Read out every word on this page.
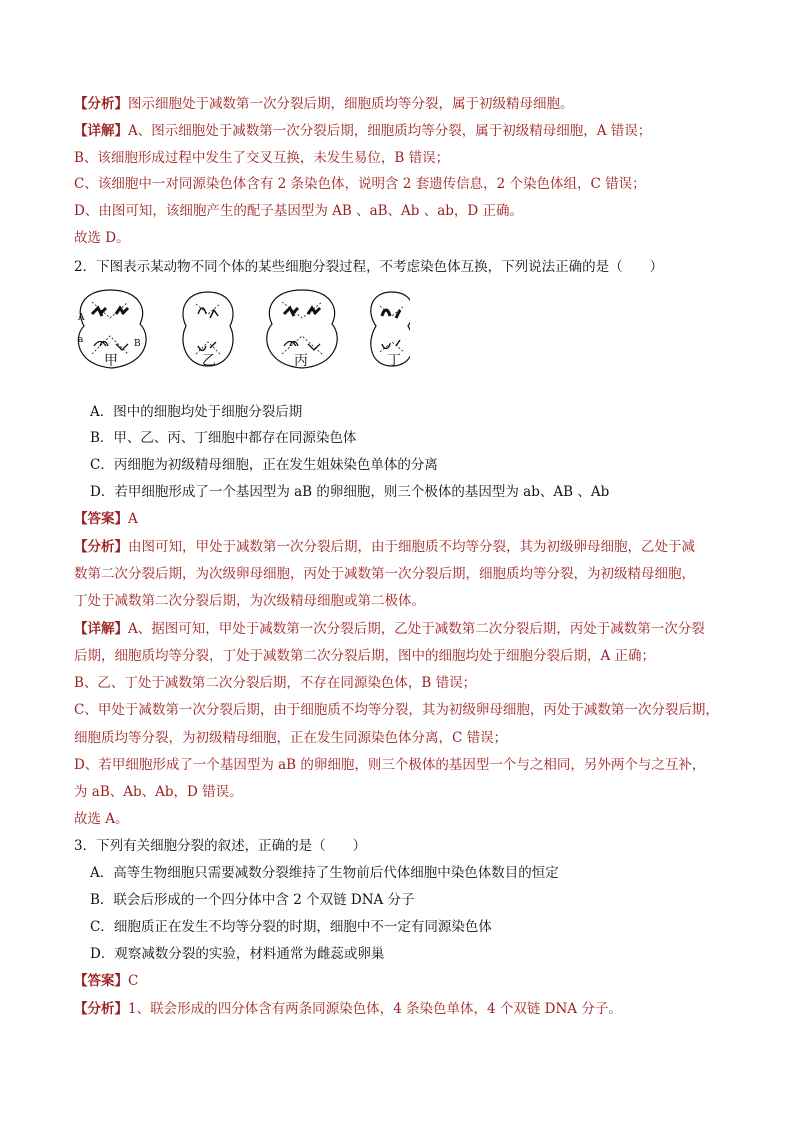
【分析】图示细胞处于减数第一次分裂后期，细胞质均等分裂，属于初级精母细胞。
【详解】A、图示细胞处于减数第一次分裂后期，细胞质均等分裂，属于初级精母细胞，A 错误；
B、该细胞形成过程中发生了交叉互换，未发生易位，B 错误；
C、该细胞中一对同源染色体含有 2 条染色体，说明含 2 套遗传信息，2 个染色体组，C 错误；
D、由图可知，该细胞产生的配子基因型为 AB 、aB、Ab 、ab，D 正确。
故选 D。
2．下图表示某动物不同个体的某些细胞分裂过程，不考虑染色体互换，下列说法正确的是（　　）
A
a	B
甲	乙	丙	丁
A．图中的细胞均处于细胞分裂后期
B．甲、乙、丙、丁细胞中都存在同源染色体
C．丙细胞为初级精母细胞，正在发生姐妹染色单体的分离
D．若甲细胞形成了一个基因型为 aB 的卵细胞，则三个极体的基因型为 ab、AB 、Ab
【答案】A
【分析】由图可知，甲处于减数第一次分裂后期，由于细胞质不均等分裂，其为初级卵母细胞，乙处于减
数第二次分裂后期，为次级卵母细胞，丙处于减数第一次分裂后期，细胞质均等分裂，为初级精母细胞，
丁处于减数第二次分裂后期，为次级精母细胞或第二极体。
【详解】A、据图可知，甲处于减数第一次分裂后期，乙处于减数第二次分裂后期，丙处于减数第一次分裂
后期，细胞质均等分裂，丁处于减数第二次分裂后期，图中的细胞均处于细胞分裂后期，A 正确；
B、乙、丁处于减数第二次分裂后期，不存在同源染色体，B 错误；
C、甲处于减数第一次分裂后期，由于细胞质不均等分裂，其为初级卵母细胞，丙处于减数第一次分裂后期，
细胞质均等分裂，为初级精母细胞，正在发生同源染色体分离，C 错误；
D、若甲细胞形成了一个基因型为 aB 的卵细胞，则三个极体的基因型一个与之相同，另外两个与之互补，
为 aB、Ab、Ab，D 错误。
故选 A。
3．下列有关细胞分裂的叙述，正确的是（　　）
A．高等生物细胞只需要减数分裂维持了生物前后代体细胞中染色体数目的恒定
B．联会后形成的一个四分体中含 2 个双链 DNA 分子
C．细胞质正在发生不均等分裂的时期，细胞中不一定有同源染色体
D．观察减数分裂的实验，材料通常为雌蕊或卵巢
【答案】C
【分析】1、联会形成的四分体含有两条同源染色体，4 条染色单体，4 个双链 DNA 分子。
